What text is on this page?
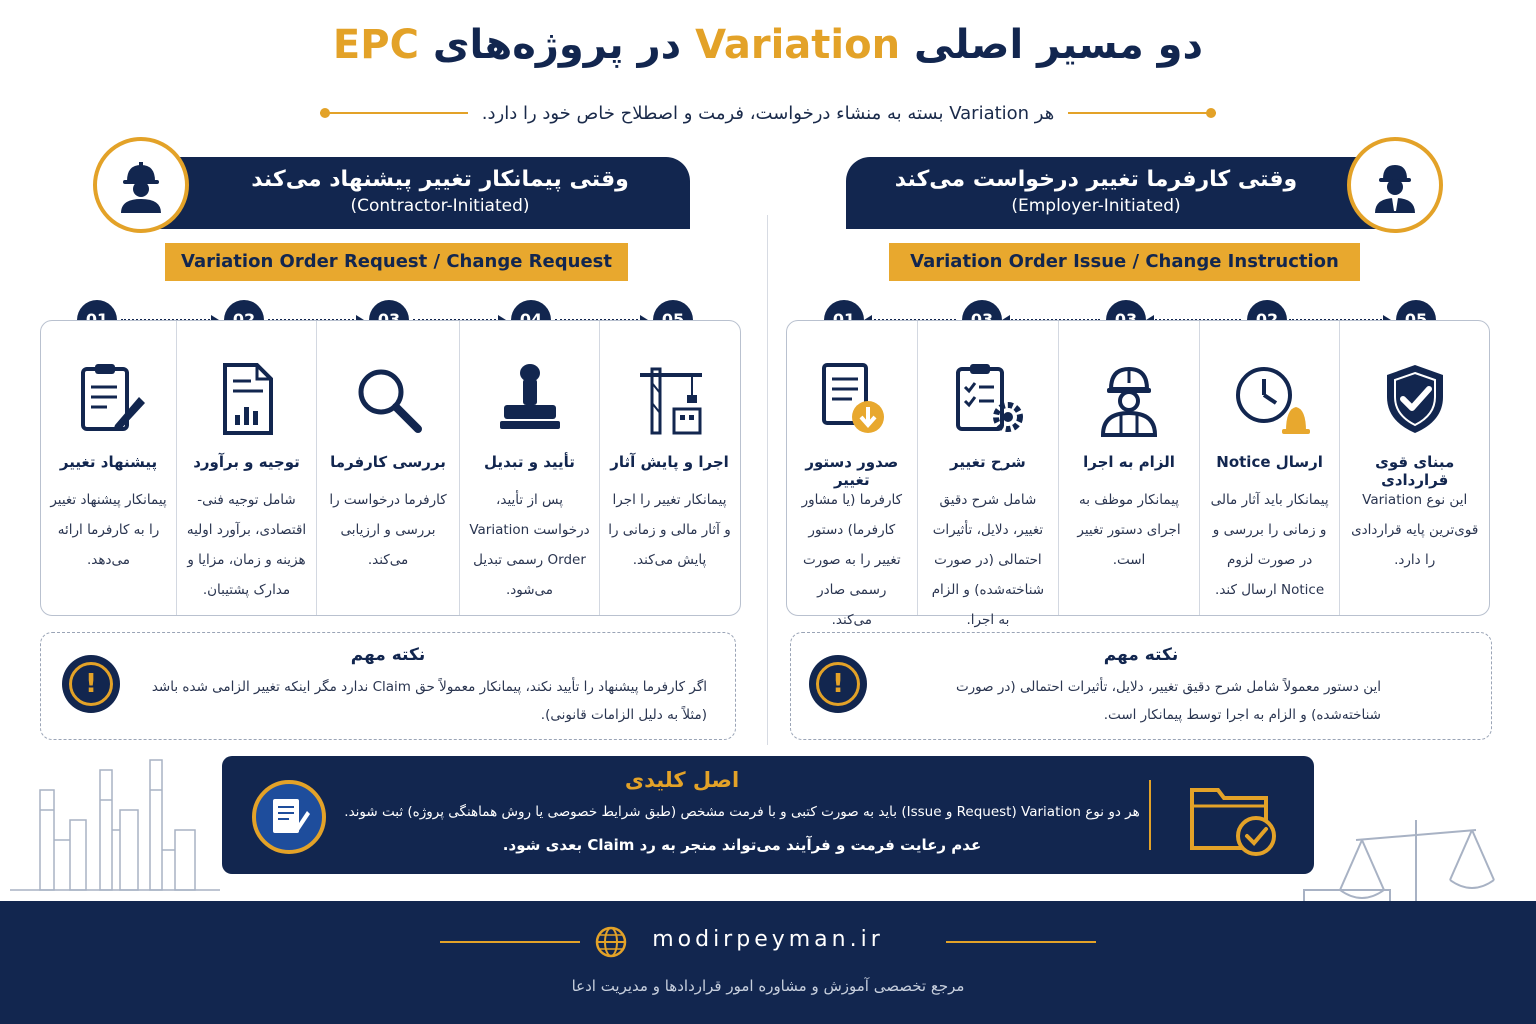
دو مسیر اصلی Variation در پروژه‌های EPC
هر Variation بسته به منشاء درخواست، فرمت و اصطلاح خاص خود را دارد.
وقتی پیمانکار تغییر پیشنهاد می‌کند
(Contractor-Initiated)
Variation Order Request / Change Request
پیشنهاد تغییر
پیمانکار پیشنهاد تغییر را به کارفرما ارائه می‌دهد.
توجیه و برآورد
شامل توجیه فنی-اقتصادی، برآورد اولیه هزینه و زمان، مزایا و مدارک پشتیبان.
بررسی کارفرما
کارفرما درخواست را بررسی و ارزیابی می‌کند.
تأیید و تبدیل
پس از تأیید، درخواست Variation Order رسمی تبدیل می‌شود.
اجرا و پایش آثار
پیمانکار تغییر را اجرا و آثار مالی و زمانی را پایش می‌کند.
نکته مهم
اگر کارفرما پیشنهاد را تأیید نکند، پیمانکار معمولاً حق Claim ندارد مگر اینکه تغییر الزامی شده باشد (مثلاً به دلیل الزامات قانونی).
!
وقتی کارفرما تغییر درخواست می‌کند
(Employer-Initiated)
Variation Order Issue / Change Instruction
صدور دستور تغییر
کارفرما (یا مشاور کارفرما) دستور تغییر را به صورت رسمی صادر می‌کند.
شرح تغییر
شامل شرح دقیق تغییر، دلایل، تأثیرات احتمالی (در صورت شناخته‌شده) و الزام به اجرا.
الزام به اجرا
پیمانکار موظف به اجرای دستور تغییر است.
ارسال Notice
پیمانکار باید آثار مالی و زمانی را بررسی و در صورت لزوم Notice ارسال کند.
مبنای قوی قراردادی
این نوع Variation قوی‌ترین پایه قراردادی را دارد.
نکته مهم
این دستور معمولاً شامل شرح دقیق تغییر، دلایل، تأثیرات احتمالی (در صورت شناخته‌شده) و الزام به اجرا توسط پیمانکار است.
!
اصل کلیدی
هر دو نوع Variation (Request و Issue) باید به صورت کتبی و با فرمت مشخص (طبق شرایط خصوصی یا روش هماهنگی پروژه) ثبت شوند.
عدم رعایت فرمت و فرآیند می‌تواند منجر به رد Claim بعدی شود.
modirpeyman.ir
مرجع تخصصی آموزش و مشاوره امور قراردادها و مدیریت ادعا
